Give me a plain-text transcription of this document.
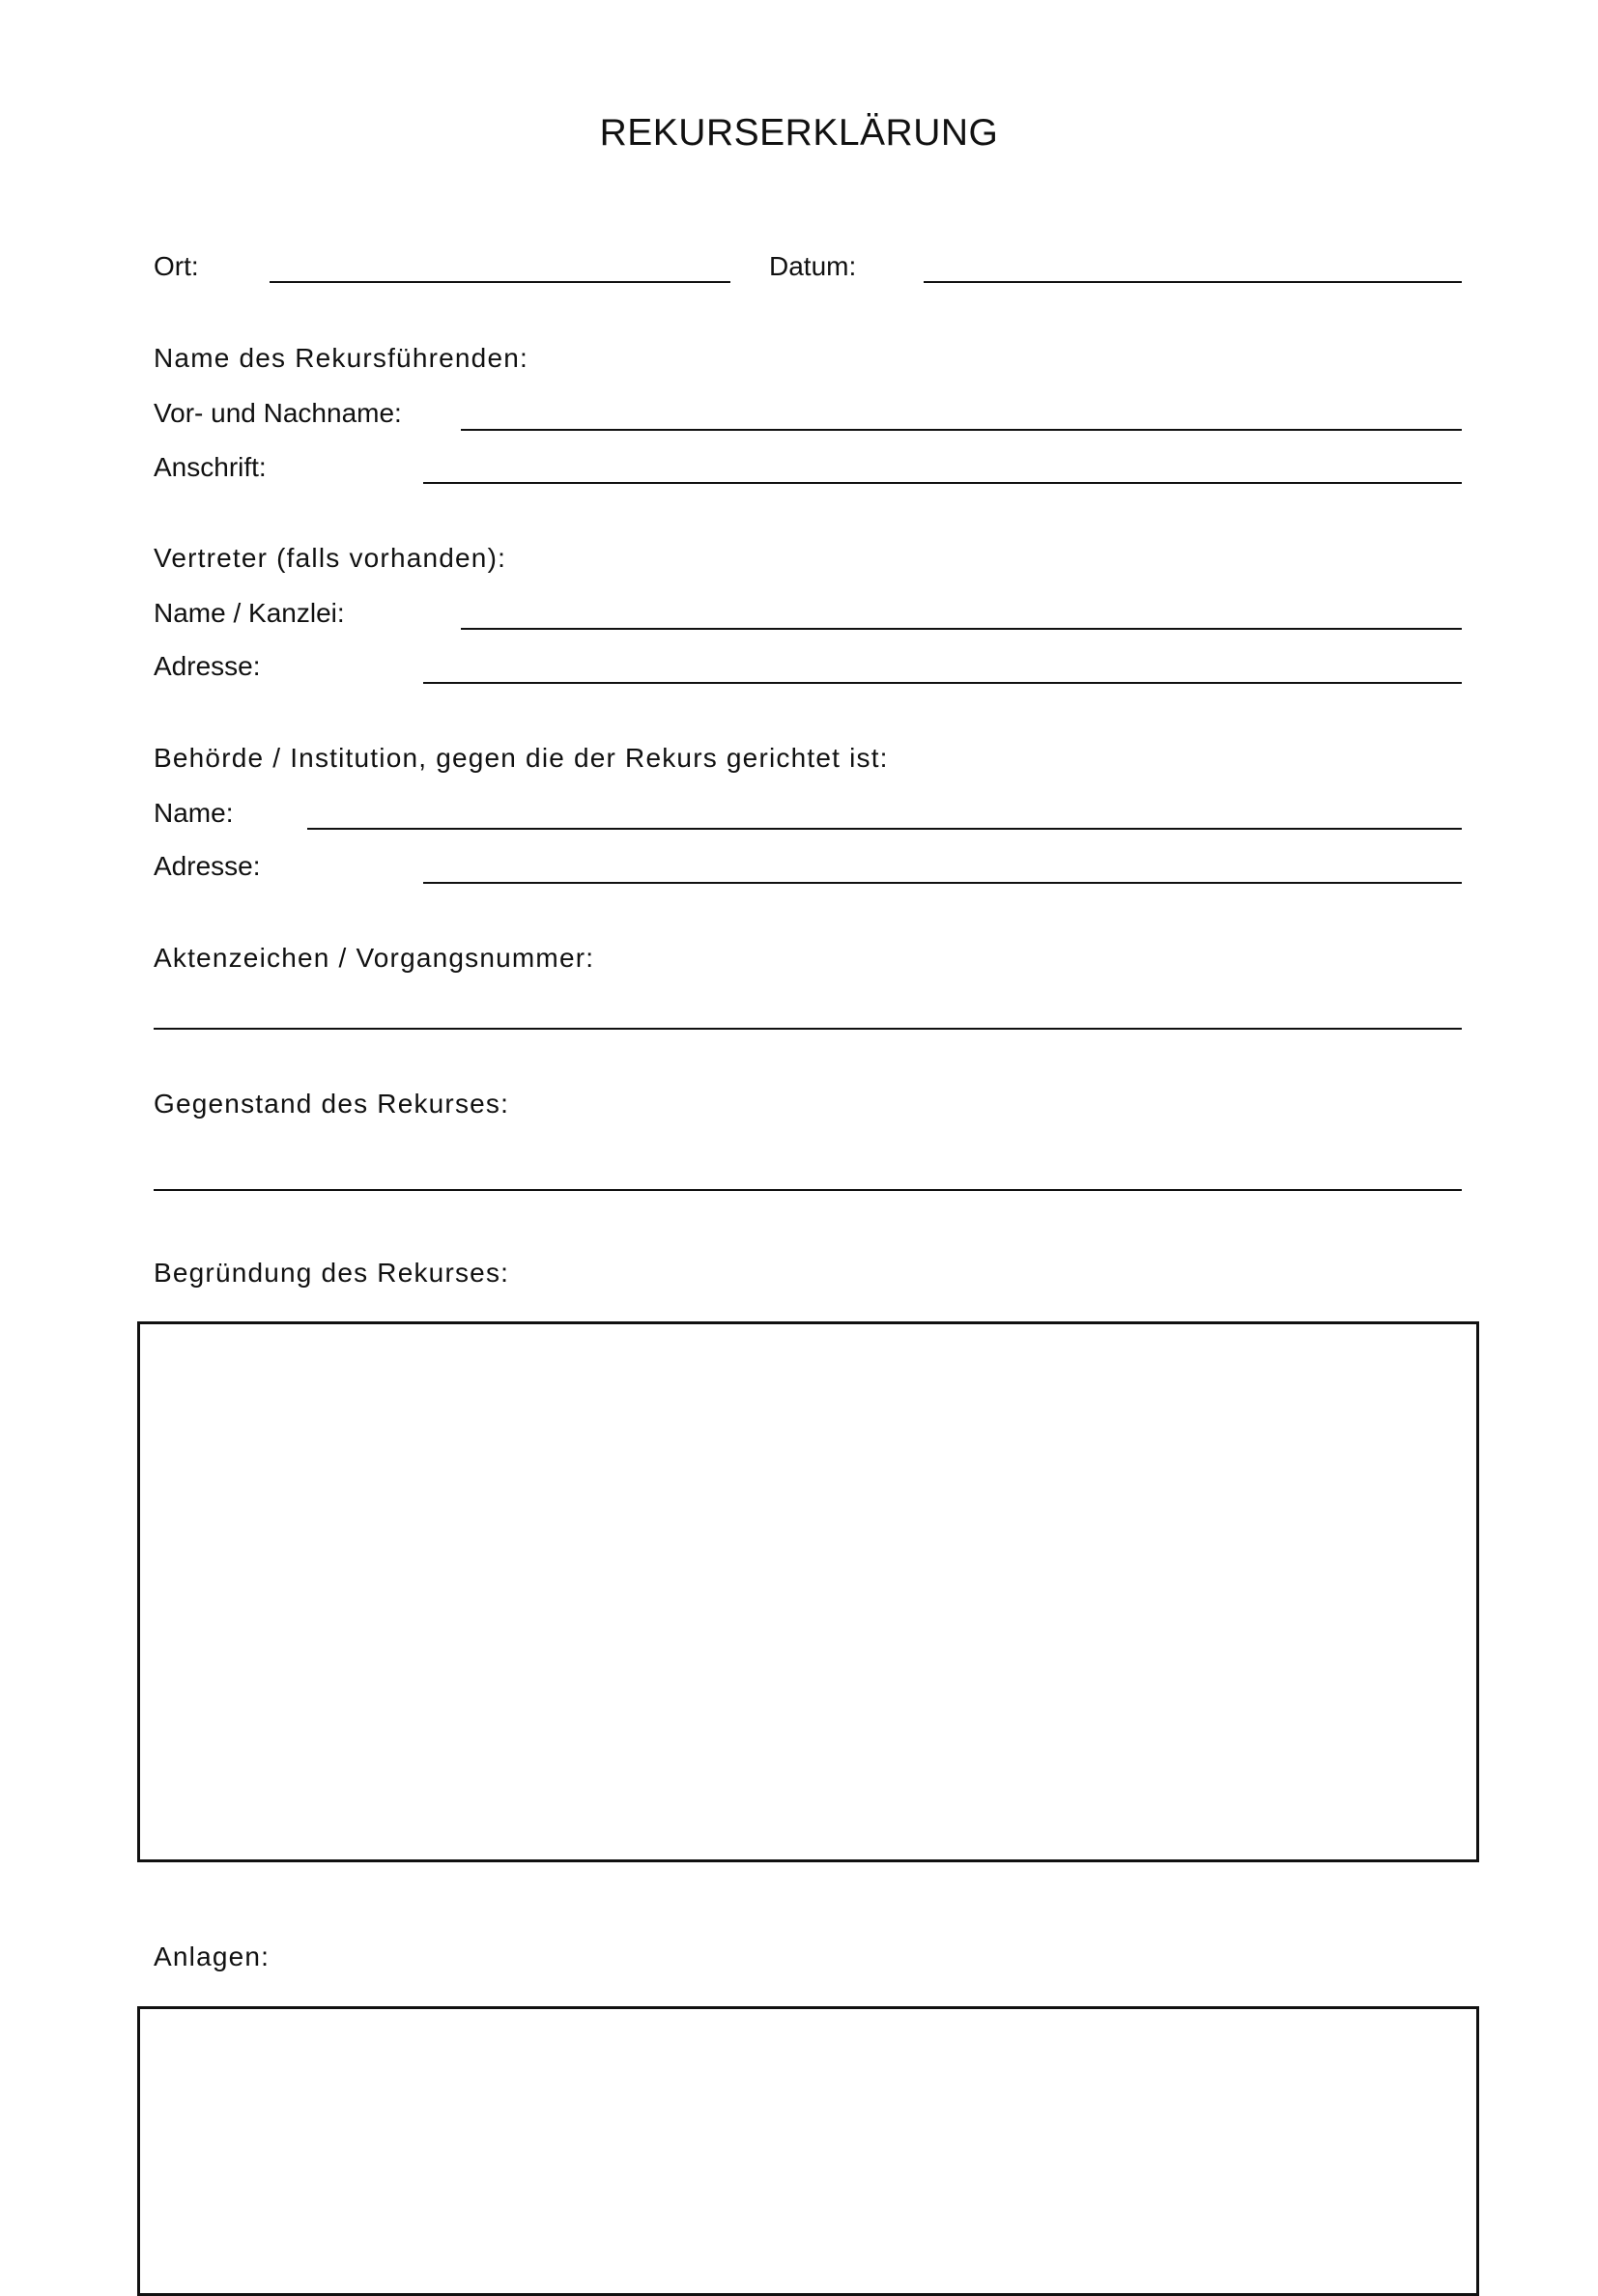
REKURSERKLÄRUNG
Ort:	Datum:
Name des Rekursführenden:
Vor- und Nachname:
Anschrift:
Vertreter (falls vorhanden):
Name / Kanzlei:
Adresse:
Behörde / Institution, gegen die der Rekurs gerichtet ist:
Name:
Adresse:
Aktenzeichen / Vorgangsnummer:
Gegenstand des Rekurses:
Begründung des Rekurses:
Anlagen:
